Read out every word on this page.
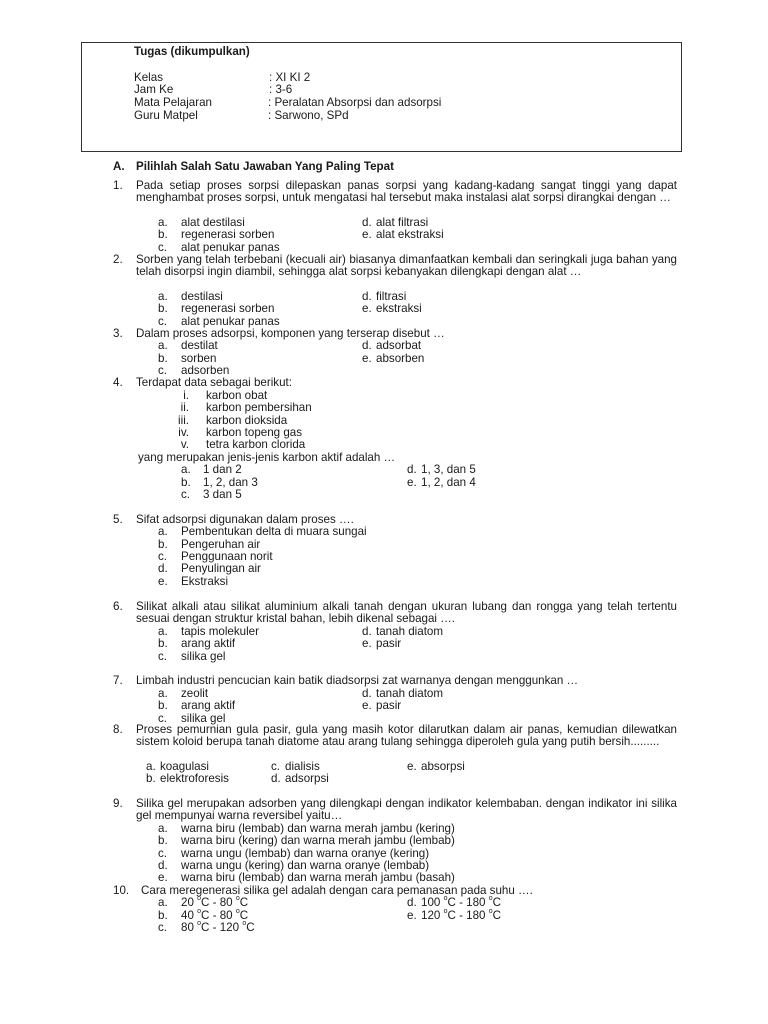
Tugas (dikumpulkan)
Kelas	: XI KI 2
Jam Ke	: 3-6
Mata Pelajaran	: Peralatan Absorpsi dan adsorpsi
Guru Matpel	: Sarwono, SPd
A. Pilihlah Salah Satu Jawaban Yang Paling Tepat
1. Pada setiap proses sorpsi dilepaskan panas sorpsi yang kadang-kadang sangat tinggi yang dapat menghambat proses sorpsi, untuk mengatasi hal tersebut maka instalasi alat sorpsi dirangkai dengan …
a. alat destilasi
b. regenerasi sorben
c. alat penukar panas
d. alat filtrasi
e. alat ekstraksi
2. Sorben yang telah terbebani (kecuali air) biasanya dimanfaatkan kembali dan seringkali juga bahan yang telah disorpsi ingin diambil, sehingga alat sorpsi kebanyakan dilengkapi dengan alat …
a. destilasi
b. regenerasi sorben
c. alat penukar panas
d. filtrasi
e. ekstraksi
3. Dalam proses adsorpsi, komponen yang terserap disebut …
a. destilat
b. sorben
c. adsorben
d. adsorbat
e. absorben
4. Terdapat data sebagai berikut:
i. karbon obat
ii. karbon pembersihan
iii. karbon dioksida
iv. karbon topeng gas
v. tetra karbon clorida
yang merupakan jenis-jenis karbon aktif adalah …
a. 1 dan 2
b. 1, 2, dan 3
c. 3 dan 5
d. 1, 3, dan 5
e. 1, 2, dan 4
5. Sifat adsorpsi digunakan dalam proses ….
a. Pembentukan delta di muara sungai
b. Pengeruhan air
c. Penggunaan norit
d. Penyulingan air
e. Ekstraksi
6. Silikat alkali atau silikat aluminium alkali tanah dengan ukuran lubang dan rongga yang telah tertentu sesuai dengan struktur kristal bahan, lebih dikenal sebagai ….
a. tapis molekuler
b. arang aktif
c. silika gel
d. tanah diatom
e. pasir
7. Limbah industri pencucian kain batik diadsorpsi zat warnanya dengan menggunkan …
a. zeolit
b. arang aktif
c. silika gel
d. tanah diatom
e. pasir
8. Proses pemurnian gula pasir, gula yang masih kotor dilarutkan dalam air panas, kemudian dilewatkan sistem koloid berupa tanah diatome atau arang tulang sehingga diperoleh gula yang putih bersih.........
a. koagulasi
b. elektroforesis
c. dialisis
d. adsorpsi
e. absorpsi
9. Silika gel merupakan adsorben yang dilengkapi dengan indikator kelembaban. dengan indikator ini silika gel mempunyai warna reversibel yaitu…
a. warna biru (lembab) dan warna merah jambu (kering)
b. warna biru (kering) dan warna merah jambu (lembab)
c. warna ungu (lembab) dan warna oranye (kering)
d. warna ungu (kering) dan warna oranye (lembab)
e. warna biru (lembab) dan warna merah jambu (basah)
10. Cara meregenerasi silika gel adalah dengan cara pemanasan pada suhu ….
a. 20 $^o$C - 80 $^o$C
b. 40 $^o$C - 80 $^o$C
c. 80 $^o$C - 120 $^o$C
d. 100 $^o$C - 180 $^o$C
e. 120 $^o$C - 180 $^o$C
